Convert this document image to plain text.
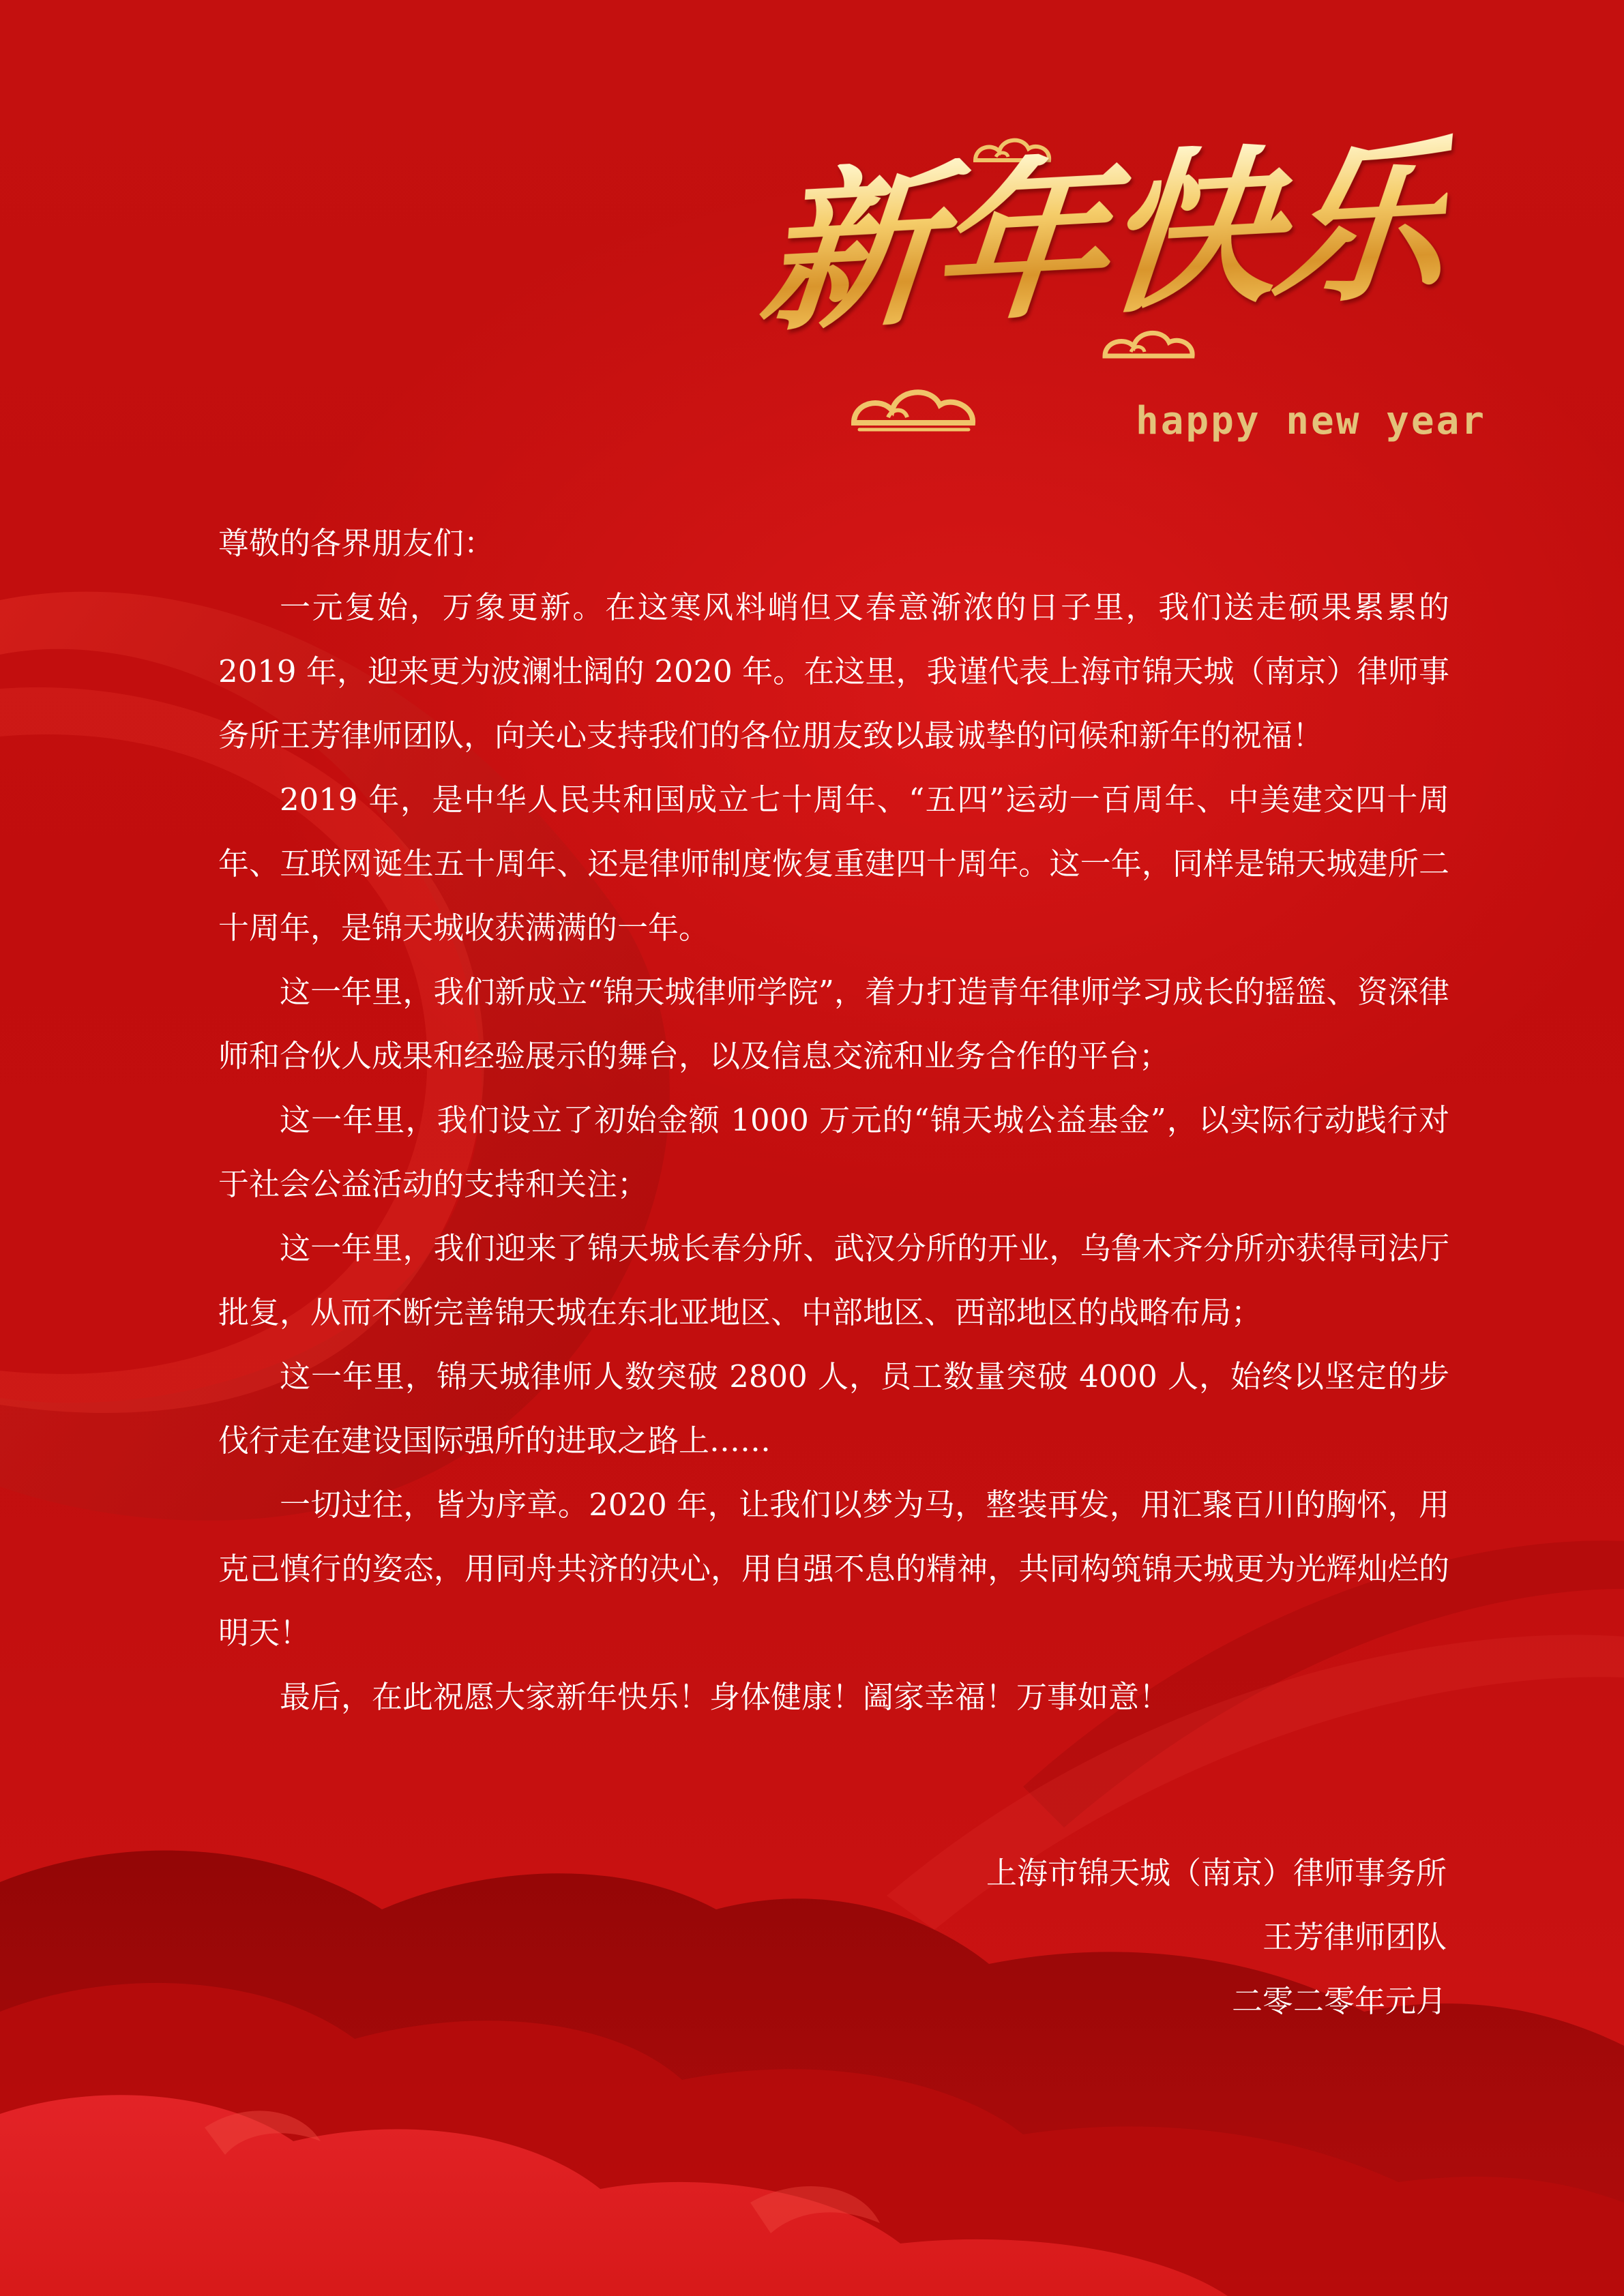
新年快乐
happy new year

尊敬的各界朋友们：

一元复始，万象更新。在这寒风料峭但又春意渐浓的日子里，我们送走硕果累累的 2019 年，迎来更为波澜壮阔的 2020 年。在这里，我谨代表上海市锦天城（南京）律师事务所王芳律师团队，向关心支持我们的各位朋友致以最诚挚的问候和新年的祝福！

2019 年，是中华人民共和国成立七十周年、“五四”运动一百周年、中美建交四十周年、互联网诞生五十周年、还是律师制度恢复重建四十周年。这一年，同样是锦天城建所二十周年，是锦天城收获满满的一年。

这一年里，我们新成立“锦天城律师学院”，着力打造青年律师学习成长的摇篮、资深律师和合伙人成果和经验展示的舞台，以及信息交流和业务合作的平台；

这一年里，我们设立了初始金额 1000 万元的“锦天城公益基金”，以实际行动践行对于社会公益活动的支持和关注；

这一年里，我们迎来了锦天城长春分所、武汉分所的开业，乌鲁木齐分所亦获得司法厅批复，从而不断完善锦天城在东北亚地区、中部地区、西部地区的战略布局；

这一年里，锦天城律师人数突破 2800 人，员工数量突破 4000 人，始终以坚定的步伐行走在建设国际强所的进取之路上……

一切过往，皆为序章。2020 年，让我们以梦为马，整装再发，用汇聚百川的胸怀，用克己慎行的姿态，用同舟共济的决心，用自强不息的精神，共同构筑锦天城更为光辉灿烂的明天！

最后，在此祝愿大家新年快乐！身体健康！阖家幸福！万事如意！

上海市锦天城（南京）律师事务所
王芳律师团队
二零二零年元月
